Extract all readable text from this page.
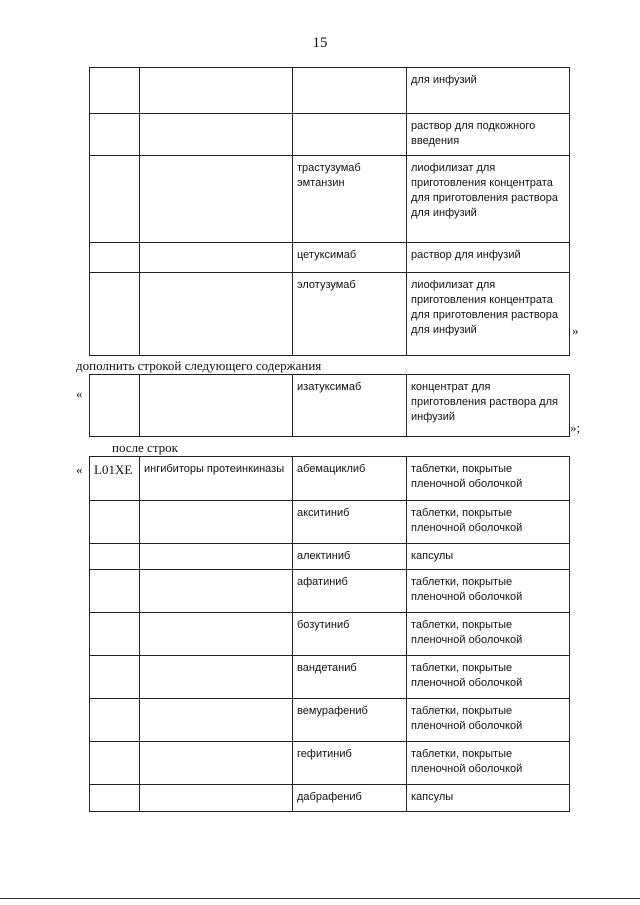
15
			для инфузий
			раствор для подкожного введения
		трастузумаб эмтанзин	лиофилизат для приготовления концентрата для приготовления раствора для инфузий
		цетуксимаб	раствор для инфузий
		элотузумаб	лиофилизат для приготовления концентрата для приготовления раствора для инфузий	»
дополнить строкой следующего содержания
«
			изатуксимаб	концентрат для приготовления раствора для инфузий
»;
после строк
« L01XE	ингибиторы протеинкиназы	абемациклиб	таблетки, покрытые пленочной оболочкой
		акситиниб	таблетки, покрытые пленочной оболочкой
		алектиниб	капсулы
		афатиниб	таблетки, покрытые пленочной оболочкой
		бозутиниб	таблетки, покрытые пленочной оболочкой
		вандетаниб	таблетки, покрытые пленочной оболочкой
		вемурафениб	таблетки, покрытые пленочной оболочкой
		гефитиниб	таблетки, покрытые пленочной оболочкой
		дабрафениб	капсулы
